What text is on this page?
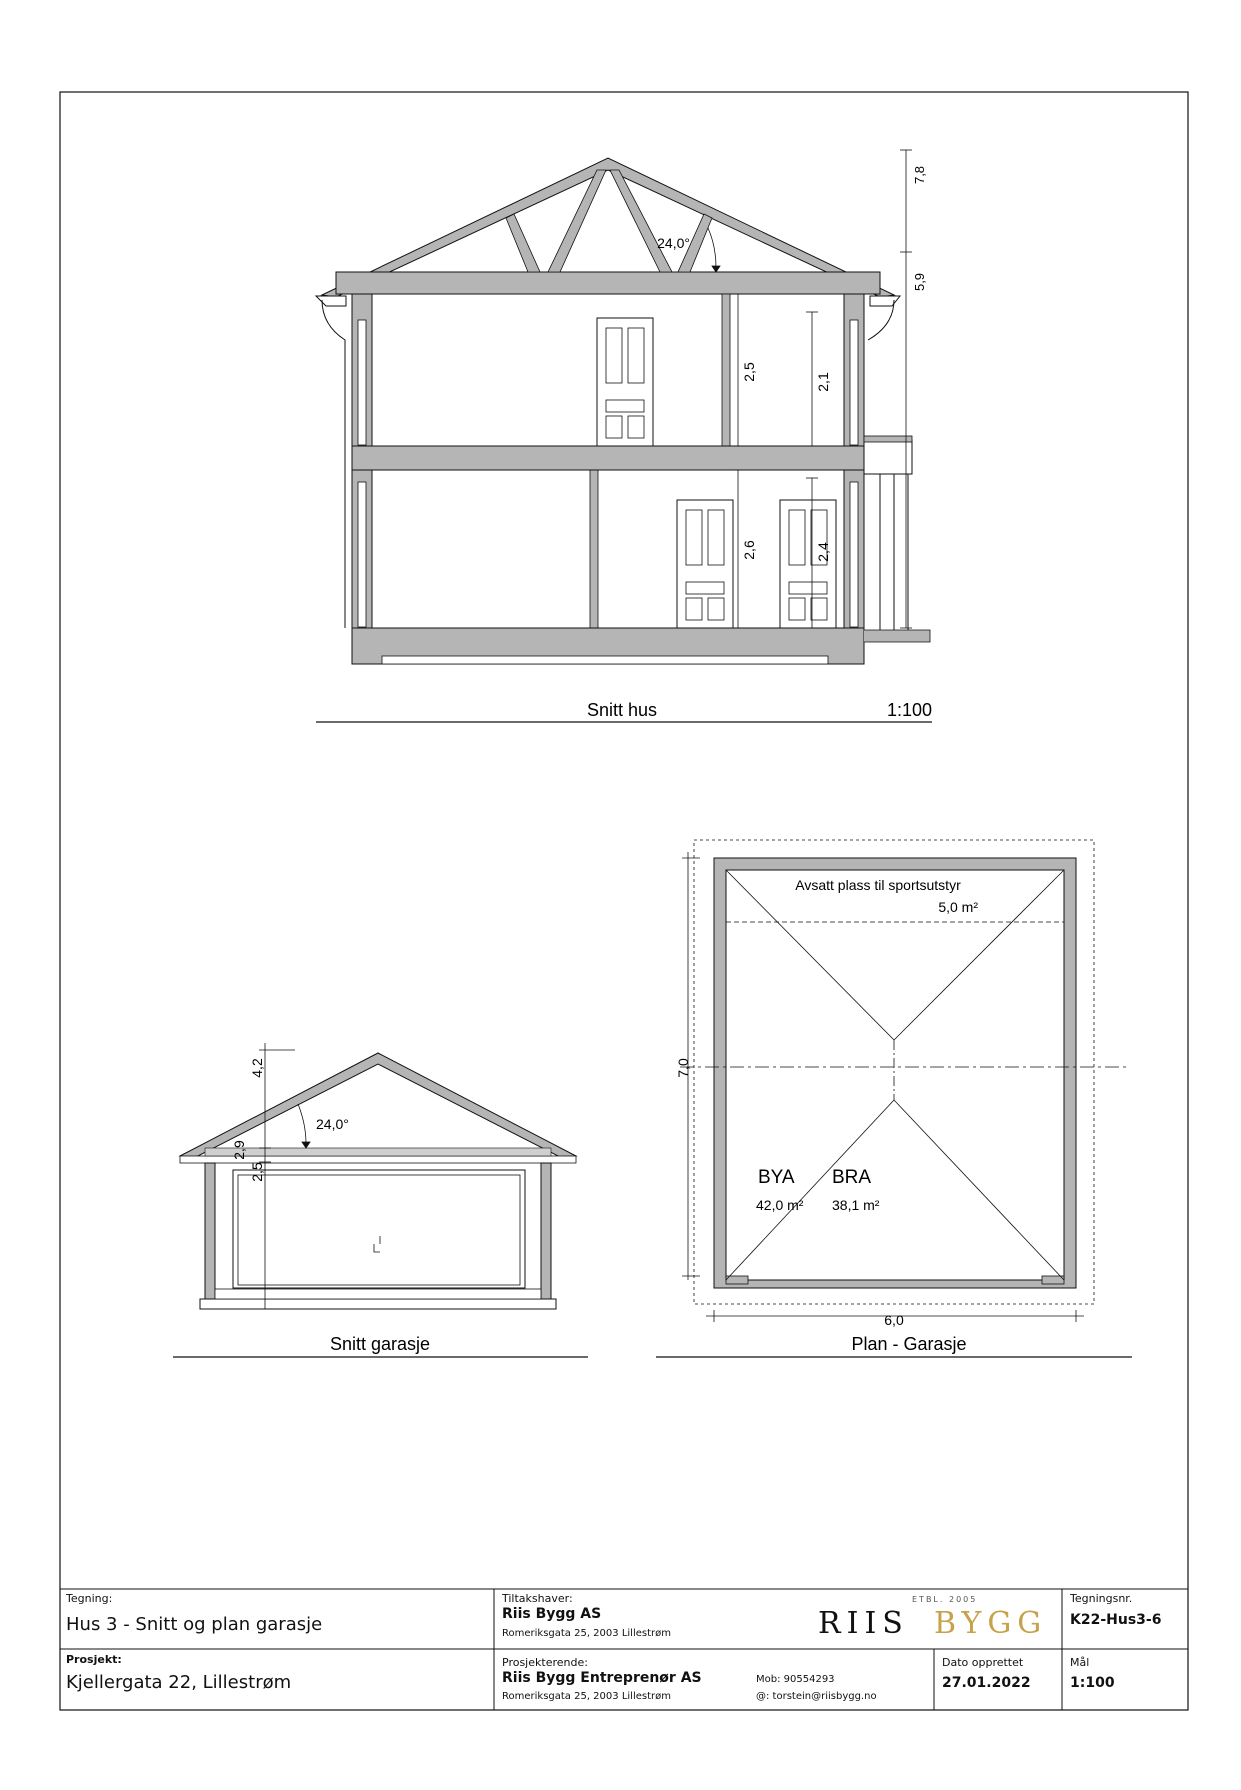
24,0°
7,8
5,9
2,5
2,1
2,6	2,4
Snitt hus	1:100
24,0°
4,2
2,9
2,5
Snitt garasje
Avsatt plass til sportsutstyr
5,0 m²
BYA
42,0 m²
BRA
38,1 m²
7,0
6,0
Plan - Garasje
Tegning:
Hus 3 - Snitt og plan garasje
Prosjekt:
Kjellergata 22, Lillestrøm
Tiltakshaver:
Riis Bygg AS
Romeriksgata 25, 2003 Lillestrøm
Prosjekterende:
Riis Bygg Entreprenør AS
Romeriksgata 25, 2003 Lillestrøm
Mob: 90554293
@: torstein@riisbygg.no
ETBL. 2005
RIIS BYGG
Dato opprettet
27.01.2022
Tegningsnr.
K22-Hus3-6
Mål
1:100
